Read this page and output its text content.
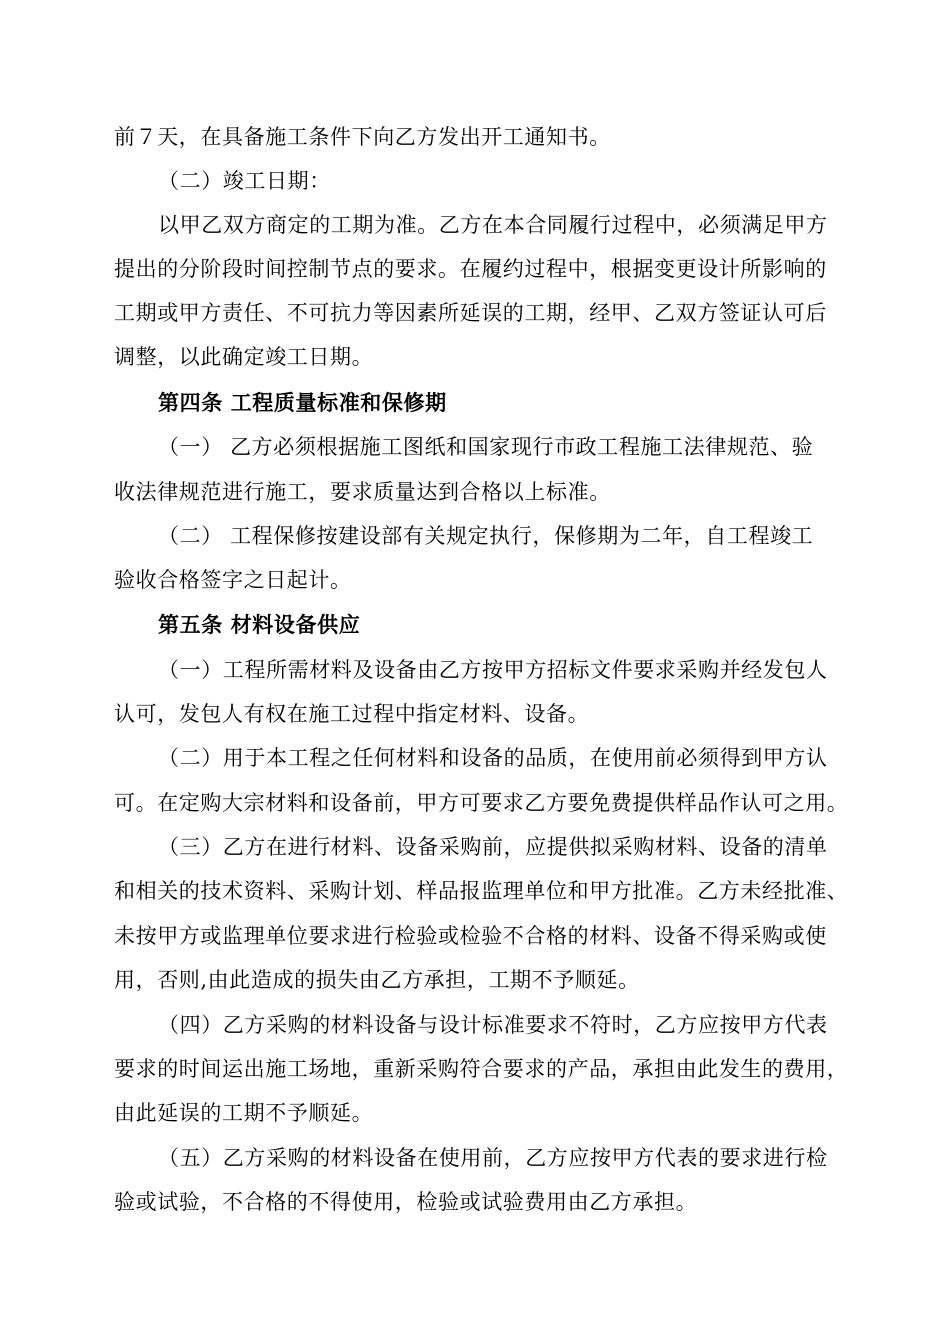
前７天，在具备施工条件下向乙方发出开工通知书。
（二）竣工日期：
以甲乙双方商定的工期为准。乙方在本合同履行过程中，必须满足甲方
提出的分阶段时间控制节点的要求。在履约过程中，根据变更设计所影响的
工期或甲方责任、不可抗力等因素所延误的工期，经甲、乙双方签证认可后
调整，以此确定竣工日期。
第四条 工程质量标准和保修期
（一） 乙方必须根据施工图纸和国家现行市政工程施工法律规范、验
收法律规范进行施工，要求质量达到合格以上标准。
（二） 工程保修按建设部有关规定执行，保修期为二年，自工程竣工
验收合格签字之日起计。
第五条 材料设备供应
（一）工程所需材料及设备由乙方按甲方招标文件要求采购并经发包人
认可，发包人有权在施工过程中指定材料、设备。
（二）用于本工程之任何材料和设备的品质，在使用前必须得到甲方认
可。在定购大宗材料和设备前，甲方可要求乙方要免费提供样品作认可之用。
（三）乙方在进行材料、设备采购前，应提供拟采购材料、设备的清单
和相关的技术资料、采购计划、样品报监理单位和甲方批准。乙方未经批准、
未按甲方或监理单位要求进行检验或检验不合格的材料、设备不得采购或使
用，否则,由此造成的损失由乙方承担，工期不予顺延。
（四）乙方采购的材料设备与设计标准要求不符时，乙方应按甲方代表
要求的时间运出施工场地，重新采购符合要求的产品，承担由此发生的费用，
由此延误的工期不予顺延。
（五）乙方采购的材料设备在使用前，乙方应按甲方代表的要求进行检
验或试验，不合格的不得使用，检验或试验费用由乙方承担。
